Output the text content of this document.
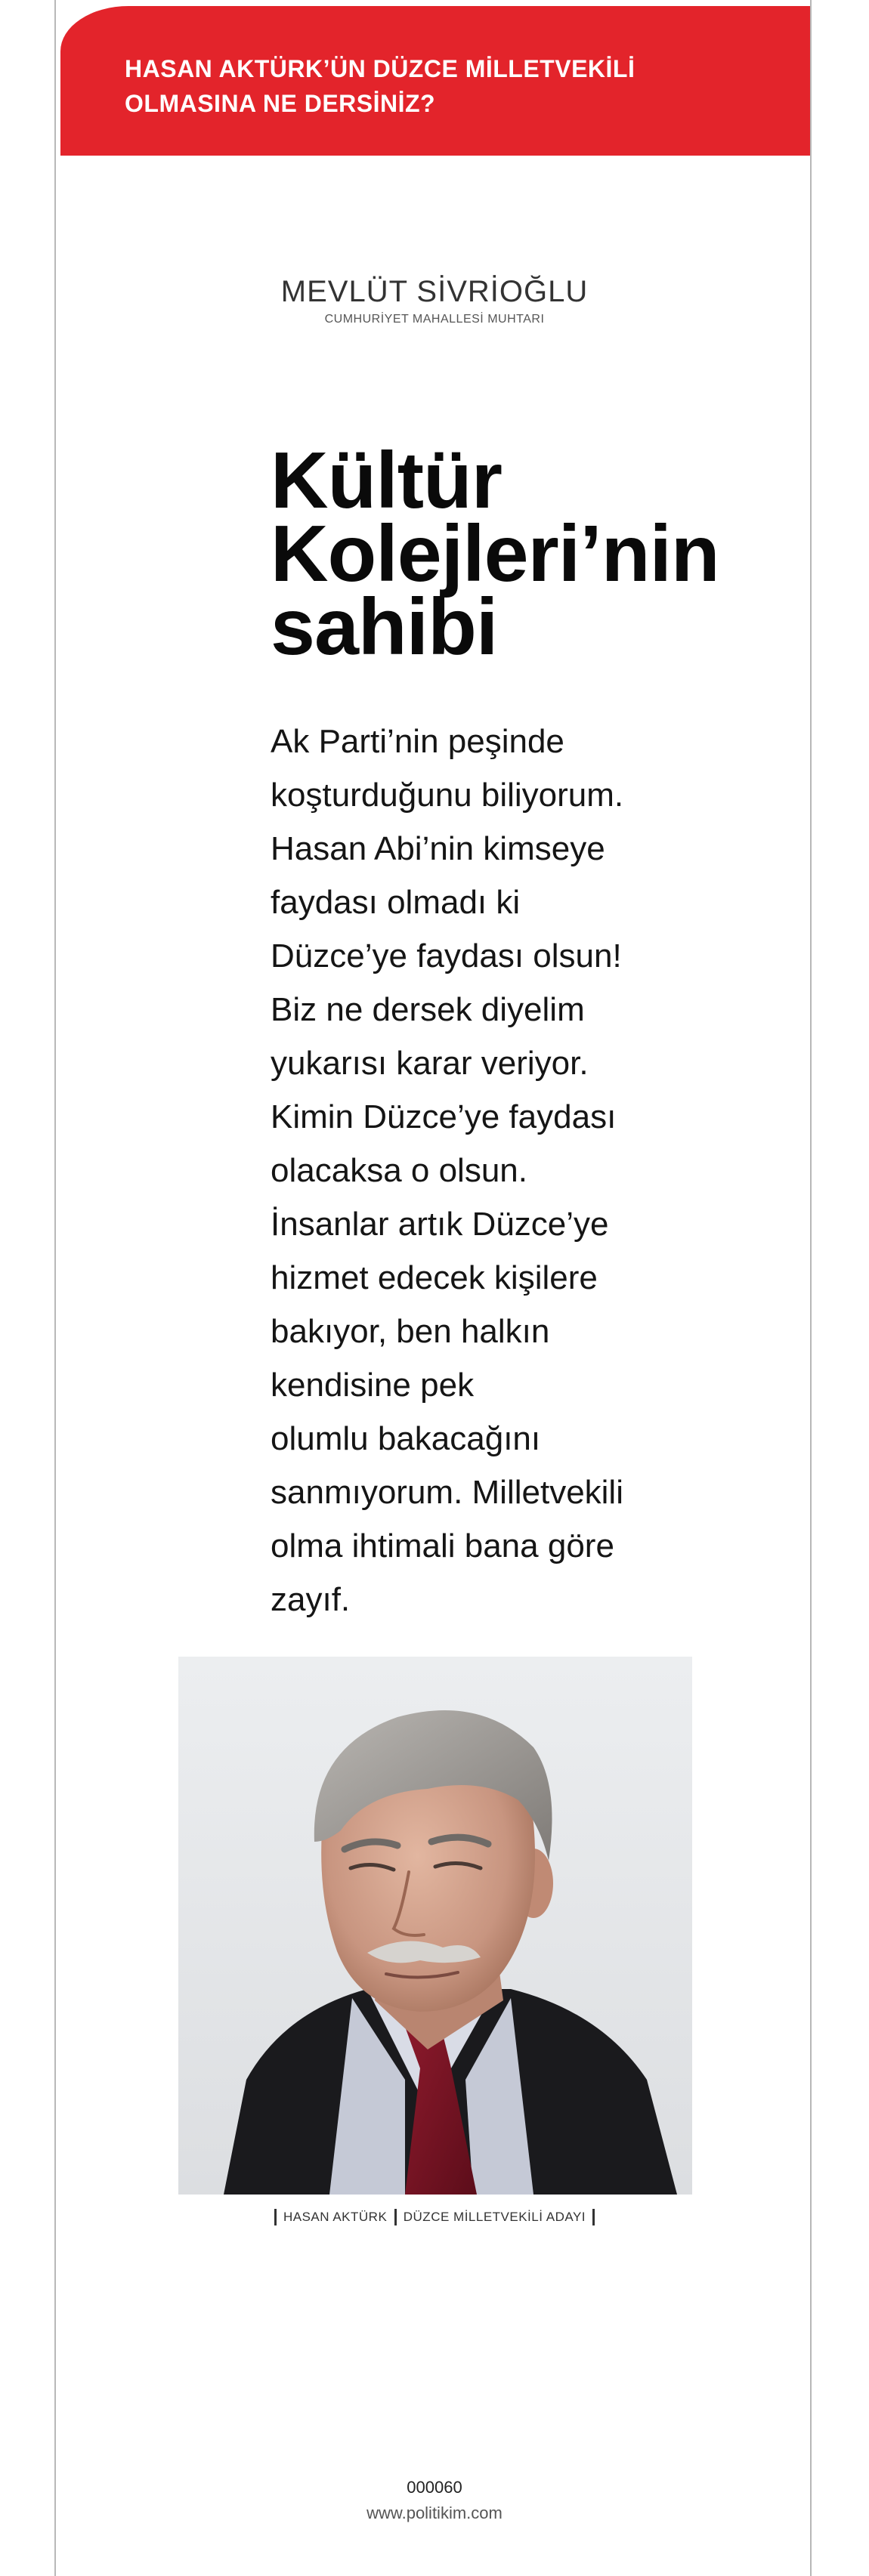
HASAN AKTÜRK’ÜN DÜZCE MİLLETVEKİLİ
OLMASINA NE DERSİNİZ?
MEVLÜT SİVRİOĞLU
CUMHURİYET MAHALLESİ MUHTARI
Kültür
Kolejleri’nin
sahibi
Ak Parti’nin peşinde
koşturduğunu biliyorum.
Hasan Abi’nin kimseye
faydası olmadı ki
Düzce’ye faydası olsun!
Biz ne dersek diyelim
yukarısı karar veriyor.
Kimin Düzce’ye faydası
olacaksa o olsun.
İnsanlar artık Düzce’ye
hizmet edecek kişilere
bakıyor, ben halkın
kendisine pek
olumlu bakacağını
sanmıyorum. Milletvekili
olma ihtimali bana göre
zayıf.
HASAN AKTÜRK DÜZCE MİLLETVEKİLİ ADAYI
000060
www.politikim.com
